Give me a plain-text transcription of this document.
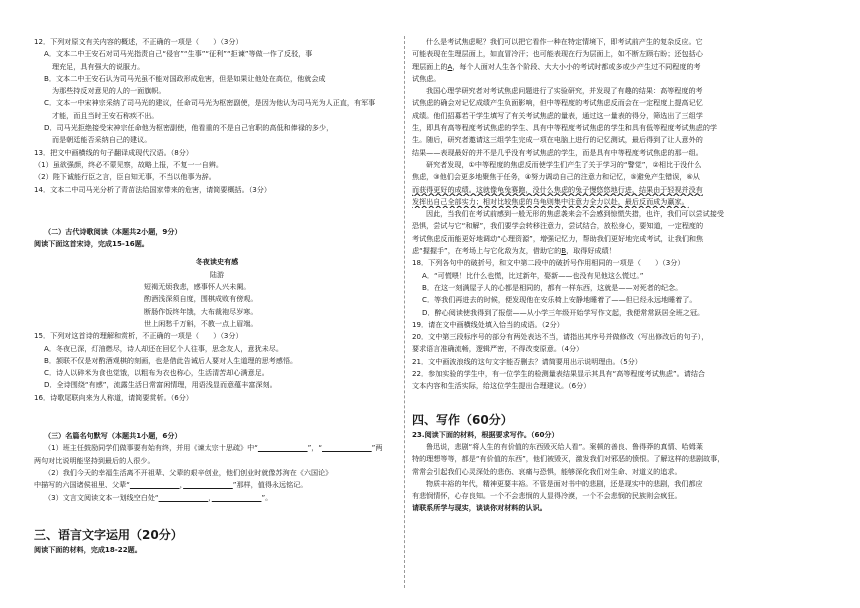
12．下列对原文有关内容的概述，不正确的一项是（　　）（3分）
A．文本二中王安石对司马光指责自己“侵官”“生事”“征利”“拒谏”等做一作了反驳，事
理充足，具有强大的说服力。
B．文本二中王安石认为司马光虽不能对国政形成危害，但是如果让他处在高位，他就会成
为那些持反对意见的人的一面旗帜。
C．文本一中宋神宗采纳了司马光的建议，任命司马光为枢密副使，是因为他认为司马光为人正直，有军事
才能，而且当时王安石称疾不出。
D．司马光拒绝接受宋神宗任命他为枢密副使，他看重的不是自己官职的高低和俸禄的多少，
而是朝廷能否采纳自己的建议。
13．把文中画横线的句子翻译成现代汉语。（8分）
（1）虽欲强颜，终必不蒙见察，故略上报，不复一一自辨。
（2）陛下诚能行臣之言，臣自知无事，不当以他事为辞。
14．文本二中司马光分析了青苗法给国家带来的危害，请简要概括。（3分）
（二）古代诗歌阅读（本题共2小题，9分）
阅读下面这首宋诗，完成15-16题。
冬夜读史有感
陆游
短褐无烦我悲，感事怀人兴未阑。
酌酒浅深须自度，围棋成败有傍观。
断肠作饭终年饿，大布裁袍尽岁寒。
世上闲愁千万斛，不教一点上眉端。
15．下列对这首诗的理解和赏析，不正确的一项是（　　）（3分）
A．冬夜已深，灯油燃尽，诗人却还在回忆个人往事，思念友人，意犹未尽。
B．颔联不仅是对酌酒观棋的刻画，也是借此告诫后人要对人生道理的思考感悟。
C．诗人以碎米为食也觉饿，以粗布为衣也称心，生活清苦却心满意足。
D．全诗围绕“有感”，流露生活日常富闲情理，用语浅显而意蕴丰富深刻。
16．诗歌尾联向来为人称道，请简要赏析。（6分）
（三）名篇名句默写（本题共1小题，6分）
（1）班主任鼓励同学们做事要有始有终，并用《谏太宗十思疏》中“　　　　　　　	”，“　　　　　　　	”两
两句对比说明能坚持到最后的人很少。
（2）我们今天的幸福生活离不开祖辈、父辈的艰辛创业，他们创业时就像苏洵在《六国论》
中描写的六国诸侯祖里、父辈“　　　　　　　	，　　　　　　　	”那样，值得永远铭记。
（3）文言文阅读文本一划线空白处“　　　　　　　	，　　　　　　　	”。
三、语言文字运用（20分）
阅读下面的材料，完成18-22题。
什么是考试焦虑呢？我们可以把它看作一种在特定情境下，即考试前产生的复杂反应。它
可能表现在生理层面上，如直冒冷汗；也可能表现在行为层面上，如不断左顾右盼；还包括心
理层面上的A，每个人面对人生各个阶段、大大小小的考试时都或多或少产生过不同程度的考
试焦虑。
我国心理学研究者对考试焦虑问题进行了实验研究，并发现了有趣的结果：高等程度的考
试焦虑的确会对记忆成绩产生负面影响，但中等程度的考试焦虑反而会在一定程度上提高记忆
成绩。他们招募若干学生填写了有关考试焦虑的量表，通过这一量表的得分，筛选出了三组学
生，即具有高等程度考试焦虑的学生、具有中等程度考试焦虑的学生和具有低等程度考试焦虑的学
生。随后，研究者邀请这三组学生完成一项在电脑上进行的记忆测试，最后得到了让人意外的
结果——表现最好的并不是几乎没有考试焦虑的学生，而是具有中等程度考试焦虑的那一组。
研究者发现，①中等程度的焦虑反而使学生们产生了关于学习的“警觉”，②相比于没什么
焦虑，③他们会更多地聚焦于任务，④努力调动自己的注意力和记忆，⑤避免产生错误，⑥从
而获得更好的成绩。这就像龟兔赛跑，没什么焦虑的兔子慢悠悠地行进，结果由于轻视并没有
发挥出自己全部实力；相对比较焦虑的乌龟则集中注意力全力以赴，最后反而成为赢家。
因此，当我们在考试前感到一般无形的焦虑袭来会不会感到惊慌失措，也许，我们可以尝试接受
恐惧，尝试与它“和解”，我们要学会转移注意力，尝试结合，放松身心，要知道，一定程度的
考试焦虑反而能更好地调动“心理资源”，增强记忆力，帮助我们更好地完成考试，让我们和焦
虑“握握手”，在考场上与它化敌为友，借助它的B，取得好成绩！
18．下列各句中的破折号，和文中第二段中的破折号作用相同的一项是（　　）（3分）
A．“可慌喂！比什么也慌，比过新年，娶新——也没有见他这么慌过。”
B．在这一刻满屋子人的心都是相同的，都有一样东西，这就是——对死者的纪念。
C．等我们再进去的时候，便发现他在安乐椅上安静地睡着了——但已经永远地睡着了。
D．醉心阅读使我得到了报偿——从小学三年级开始学写作文起，我便常常跃居全班之冠。
19．请在文中画横线处填入恰当的成语。（2分）
20．文中第三段标序号的部分有两处表达不当，请指出其序号并做修改（写出修改后的句子），
要求语言准确流畅，逻辑严密，不得改变原意。（4分）
21．文中画波浪线的这句文字能否删去？请简要用出示说明理由。（5分）
22．参加实验的学生中，有一位学生的检测量表结果显示其具有“高等程度考试焦虑”。请结合
文本内容和生活实际，给这位学生提出合理建议。（6分）
四、写作（60分）
23.阅读下面的材料，根据要求写作。（60分）
鲁迅说，悲剧“将人生的有价值的东西毁灭给人看”。案顿的善良、鲁得莽的真情、哈姆莱
特的理想等等，都是“有价值的东西”，他们被毁灭，激发我们对邪恶的愤恨。了解这样的悲剧故事，
常常会引起我们心灵深处的悲伤、哀痛与恐惧，能够深化我们对生命、对道义的追求。
物质丰裕的年代，精神更要丰裕。不管是面对书中的悲剧，还是现实中的悲剧，我们都应
有悲悯情怀，心存良知。一个不会悲悯的人显得冷漠，一个不会悲悯的民族则会疯狂。
请联系所学与现实，谈谈你对材料的认识。
